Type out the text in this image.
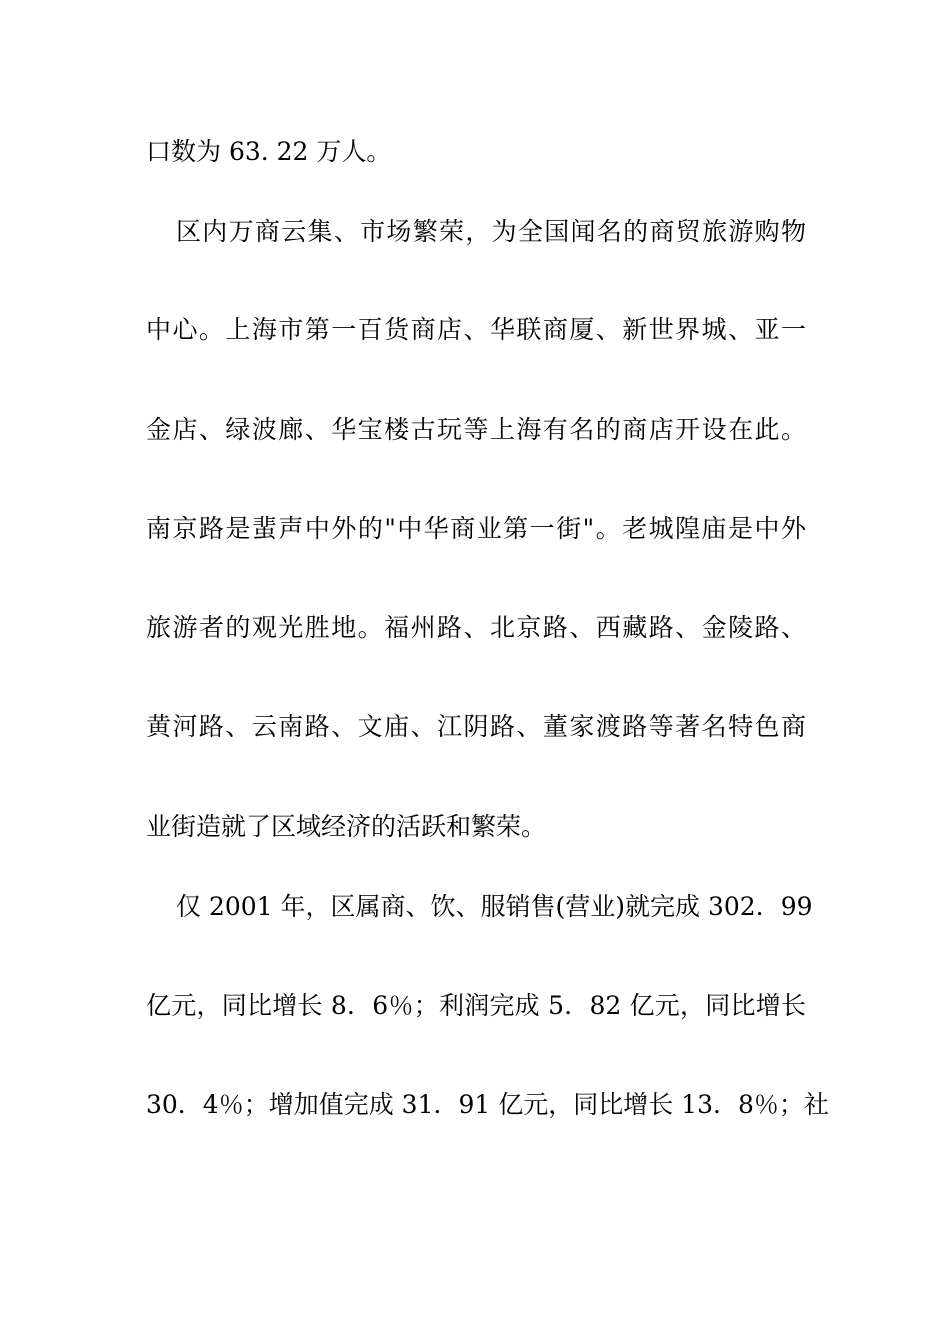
口数为 63. 22 万人。
区内万商云集、市场繁荣，为全国闻名的商贸旅游购物
中心。上海市第一百货商店、华联商厦、新世界城、亚一
金店、绿波廊、华宝楼古玩等上海有名的商店开设在此。
南京路是蜚声中外的"中华商业第一街"。老城隍庙是中外
旅游者的观光胜地。福州路、北京路、西藏路、金陵路、
黄河路、云南路、文庙、江阴路、董家渡路等著名特色商
业街造就了区域经济的活跃和繁荣。
仅 2001 年，区属商、饮、服销售(营业)就完成 302．99
亿元，同比增长 8．6％；利润完成 5．82 亿元，同比增长
30．4％；增加值完成 31．91 亿元，同比增长 13．8％；社
